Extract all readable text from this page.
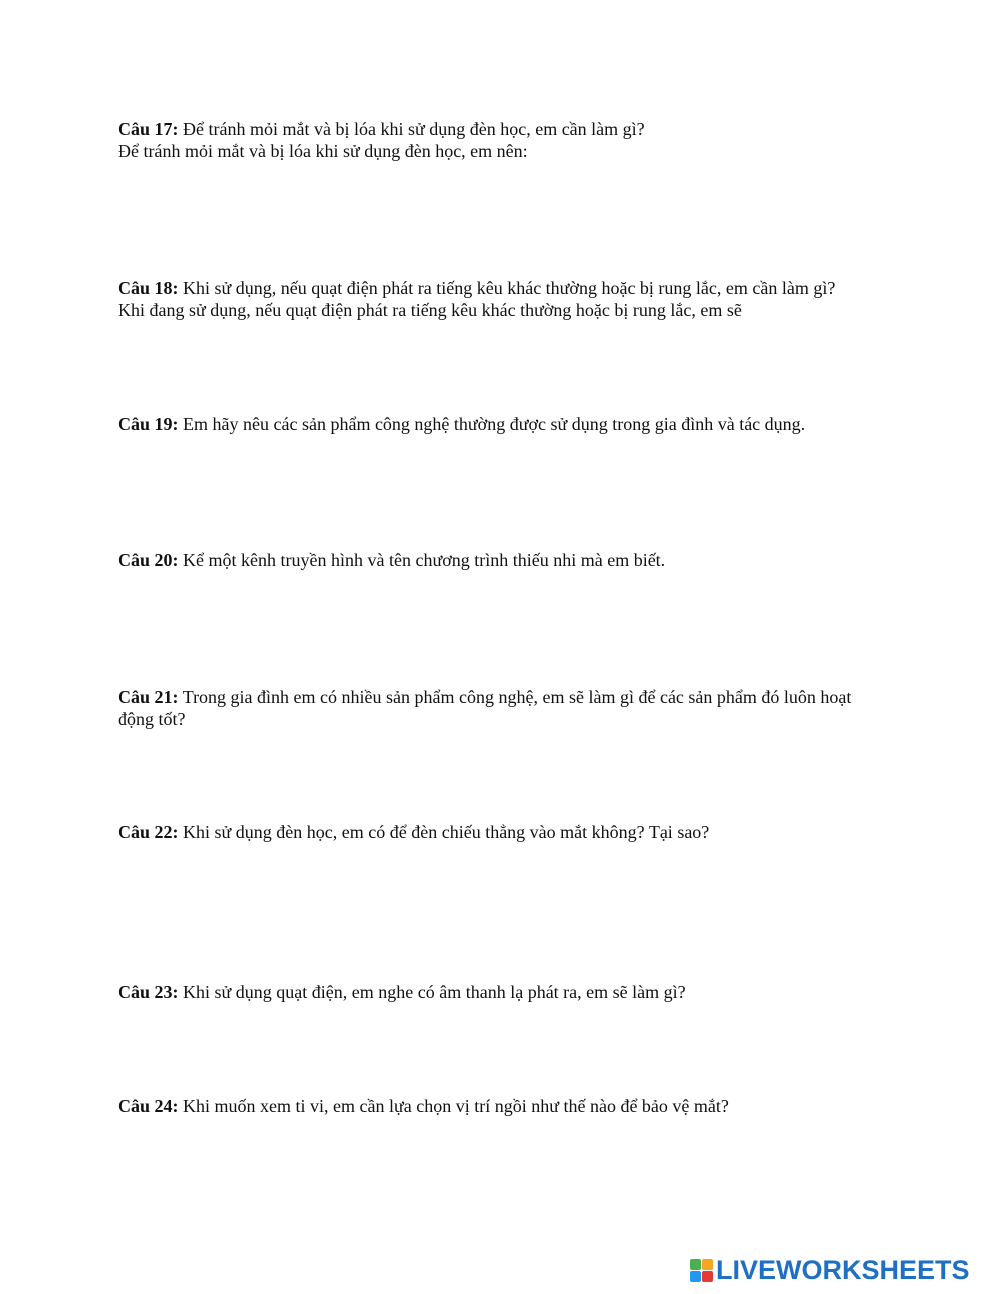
Câu 17: Để tránh mỏi mắt và bị lóa khi sử dụng đèn học, em cần làm gì?

Để tránh mỏi mắt và bị lóa khi sử dụng đèn học, em nên:

Câu 18: Khi sử dụng, nếu quạt điện phát ra tiếng kêu khác thường hoặc bị rung lắc, em cần làm gì?

Khi đang sử dụng, nếu quạt điện phát ra tiếng kêu khác thường hoặc bị rung lắc, em sẽ

Câu 19: Em hãy nêu các sản phẩm công nghệ thường được sử dụng trong gia đình và tác dụng.

Câu 20: Kể một kênh truyền hình và tên chương trình thiếu nhi mà em biết.

Câu 21: Trong gia đình em có nhiều sản phẩm công nghệ, em sẽ làm gì để các sản phẩm đó luôn hoạt động tốt?

Câu 22: Khi sử dụng đèn học, em có để đèn chiếu thẳng vào mắt không? Tại sao?

Câu 23: Khi sử dụng quạt điện, em nghe có âm thanh lạ phát ra, em sẽ làm gì?

Câu 24: Khi muốn xem ti vi, em cần lựa chọn vị trí ngồi như thế nào để bảo vệ mắt?

LIVEWORKSHEETS
